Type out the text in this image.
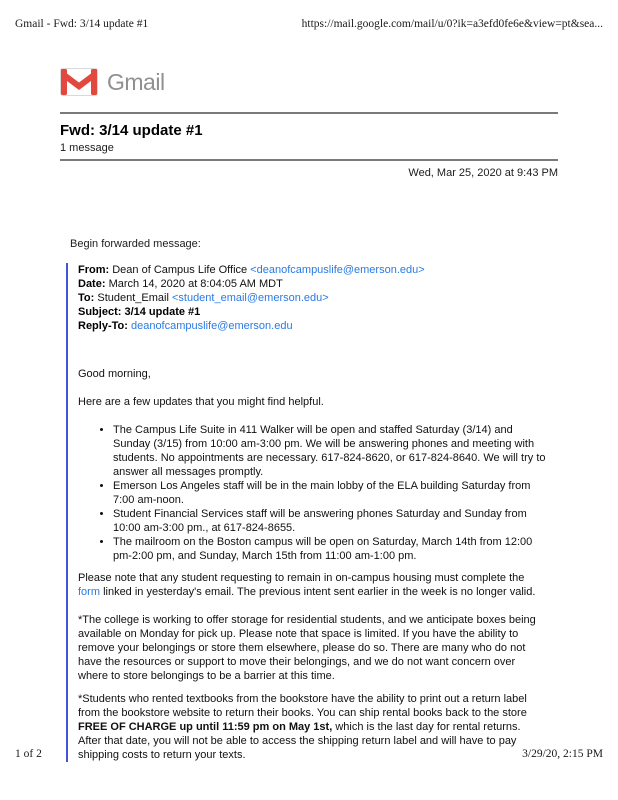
Gmail - Fwd: 3/14 update #1	https://mail.google.com/mail/u/0?ik=a3efd0fe6e&view=pt&sea...
Gmail
Fwd: 3/14 update #1
1 message
Wed, Mar 25, 2020 at 9:43 PM
Begin forwarded message:
From: Dean of Campus Life Office <deanofcampuslife@emerson.edu>
Date: March 14, 2020 at 8:04:05 AM MDT
To: Student_Email <student_email@emerson.edu>
Subject: 3/14 update #1
Reply-To: deanofcampuslife@emerson.edu

Good morning,

Here are a few updates that you might find helpful.

• The Campus Life Suite in 411 Walker will be open and staffed Saturday (3/14) and Sunday (3/15) from 10:00 am-3:00 pm. We will be answering phones and meeting with students. No appointments are necessary. 617-824-8620, or 617-824-8640. We will try to answer all messages promptly.
• Emerson Los Angeles staff will be in the main lobby of the ELA building Saturday from 7:00 am-noon.
• Student Financial Services staff will be answering phones Saturday and Sunday from 10:00 am-3:00 pm., at 617-824-8655.
• The mailroom on the Boston campus will be open on Saturday, March 14th from 12:00 pm-2:00 pm, and Sunday, March 15th from 11:00 am-1:00 pm.

Please note that any student requesting to remain in on-campus housing must complete the form linked in yesterday's email. The previous intent sent earlier in the week is no longer valid.

*The college is working to offer storage for residential students, and we anticipate boxes being available on Monday for pick up. Please note that space is limited. If you have the ability to remove your belongings or store them elsewhere, please do so. There are many who do not have the resources or support to move their belongings, and we do not want concern over where to store belongings to be a barrier at this time.

*Students who rented textbooks from the bookstore have the ability to print out a return label from the bookstore website to return their books. You can ship rental books back to the store FREE OF CHARGE up until 11:59 pm on May 1st, which is the last day for rental returns. After that date, you will not be able to access the shipping return label and will have to pay shipping costs to return your texts.

1 of 2	3/29/20, 2:15 PM
